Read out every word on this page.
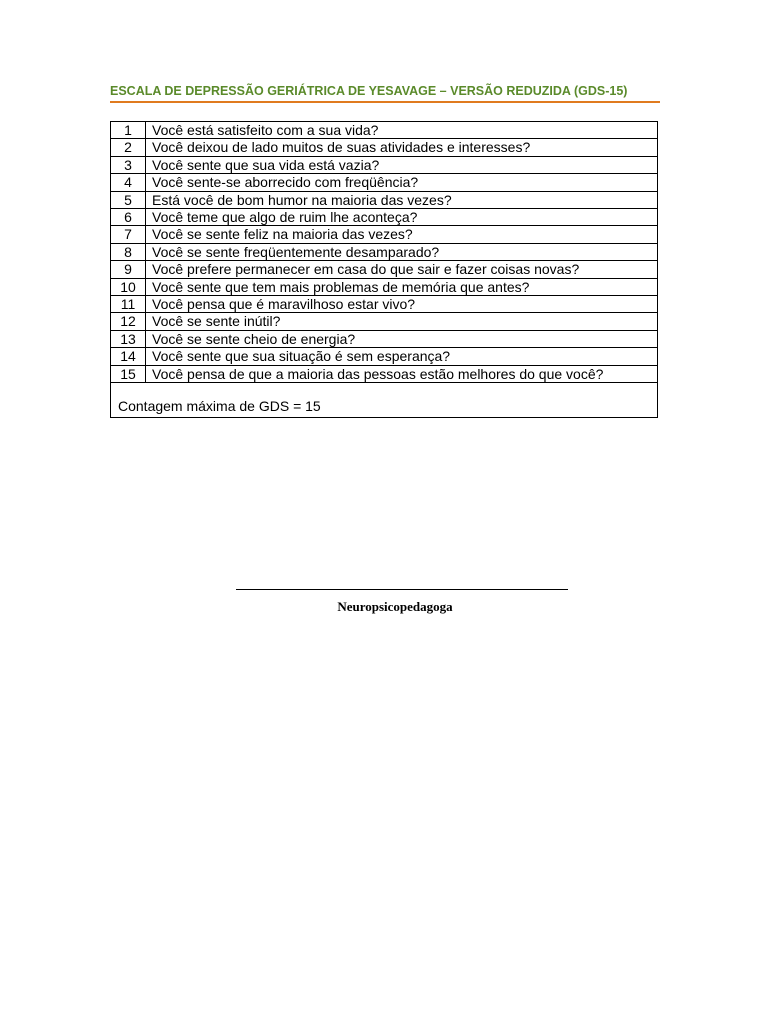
ESCALA DE DEPRESSÃO GERIÁTRICA DE YESAVAGE – VERSÃO REDUZIDA (GDS-15)
1	Você está satisfeito com a sua vida?
2	Você deixou de lado muitos de suas atividades e interesses?
3	Você sente que sua vida está vazia?
4	Você sente-se aborrecido com freqüência?
5	Está você de bom humor na maioria das vezes?
6	Você teme que algo de ruim lhe aconteça?
7	Você se sente feliz na maioria das vezes?
8	Você se sente freqüentemente desamparado?
9	Você prefere permanecer em casa do que sair e fazer coisas novas?
10	Você sente que tem mais problemas de memória que antes?
11	Você pensa que é maravilhoso estar vivo?
12	Você se sente inútil?
13	Você se sente cheio de energia?
14	Você sente que sua situação é sem esperança?
15	Você pensa de que a maioria das pessoas estão melhores do que você?
Contagem máxima de GDS = 15	
Neuropsicopedagoga
